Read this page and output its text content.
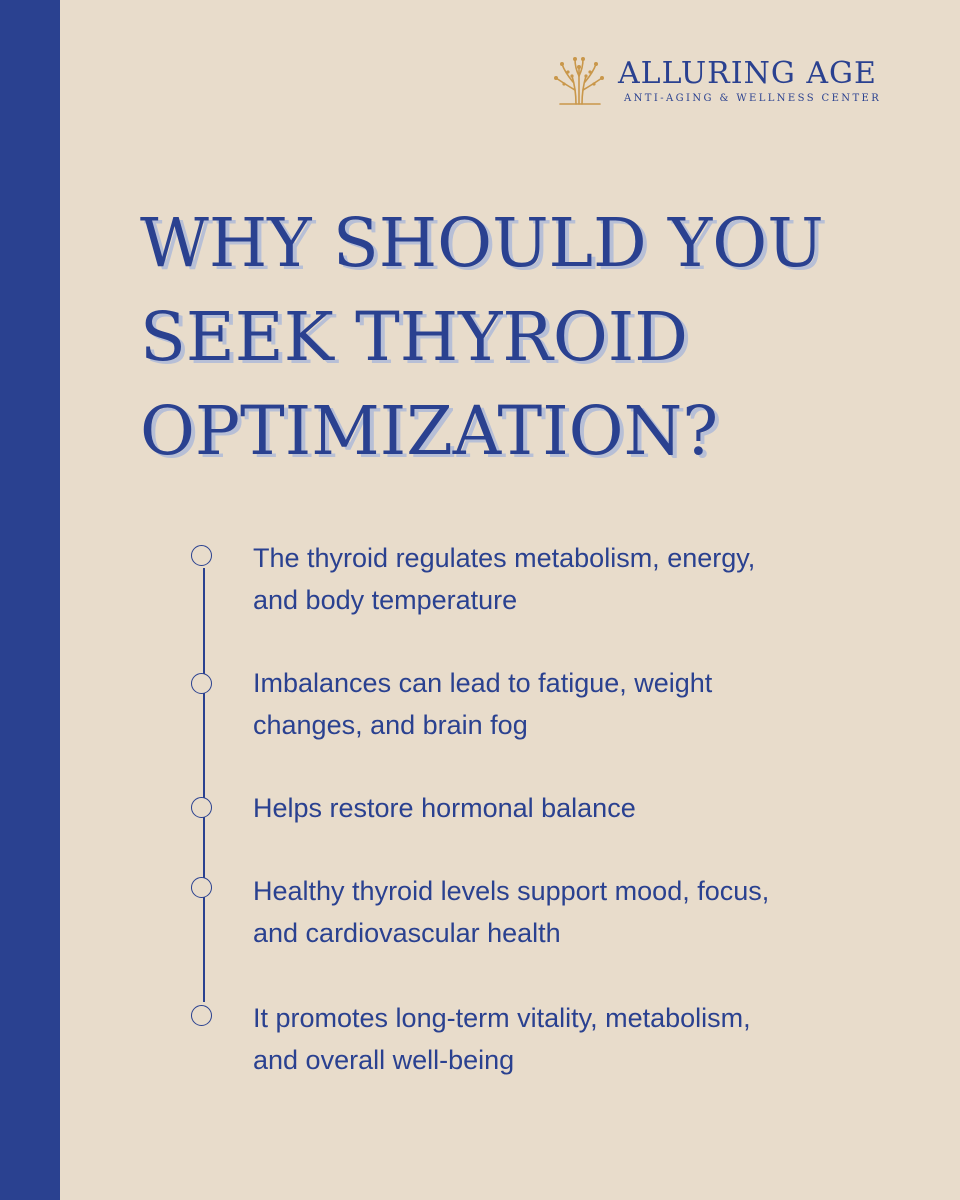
ALLURING AGE
ANTI-AGING & WELLNESS CENTER
WHY SHOULD YOU
SEEK THYROID
OPTIMIZATION?
The thyroid regulates metabolism, energy,
and body temperature
Imbalances can lead to fatigue, weight
changes, and brain fog
Helps restore hormonal balance
Healthy thyroid levels support mood, focus,
and cardiovascular health
It promotes long-term vitality, metabolism,
and overall well-being
